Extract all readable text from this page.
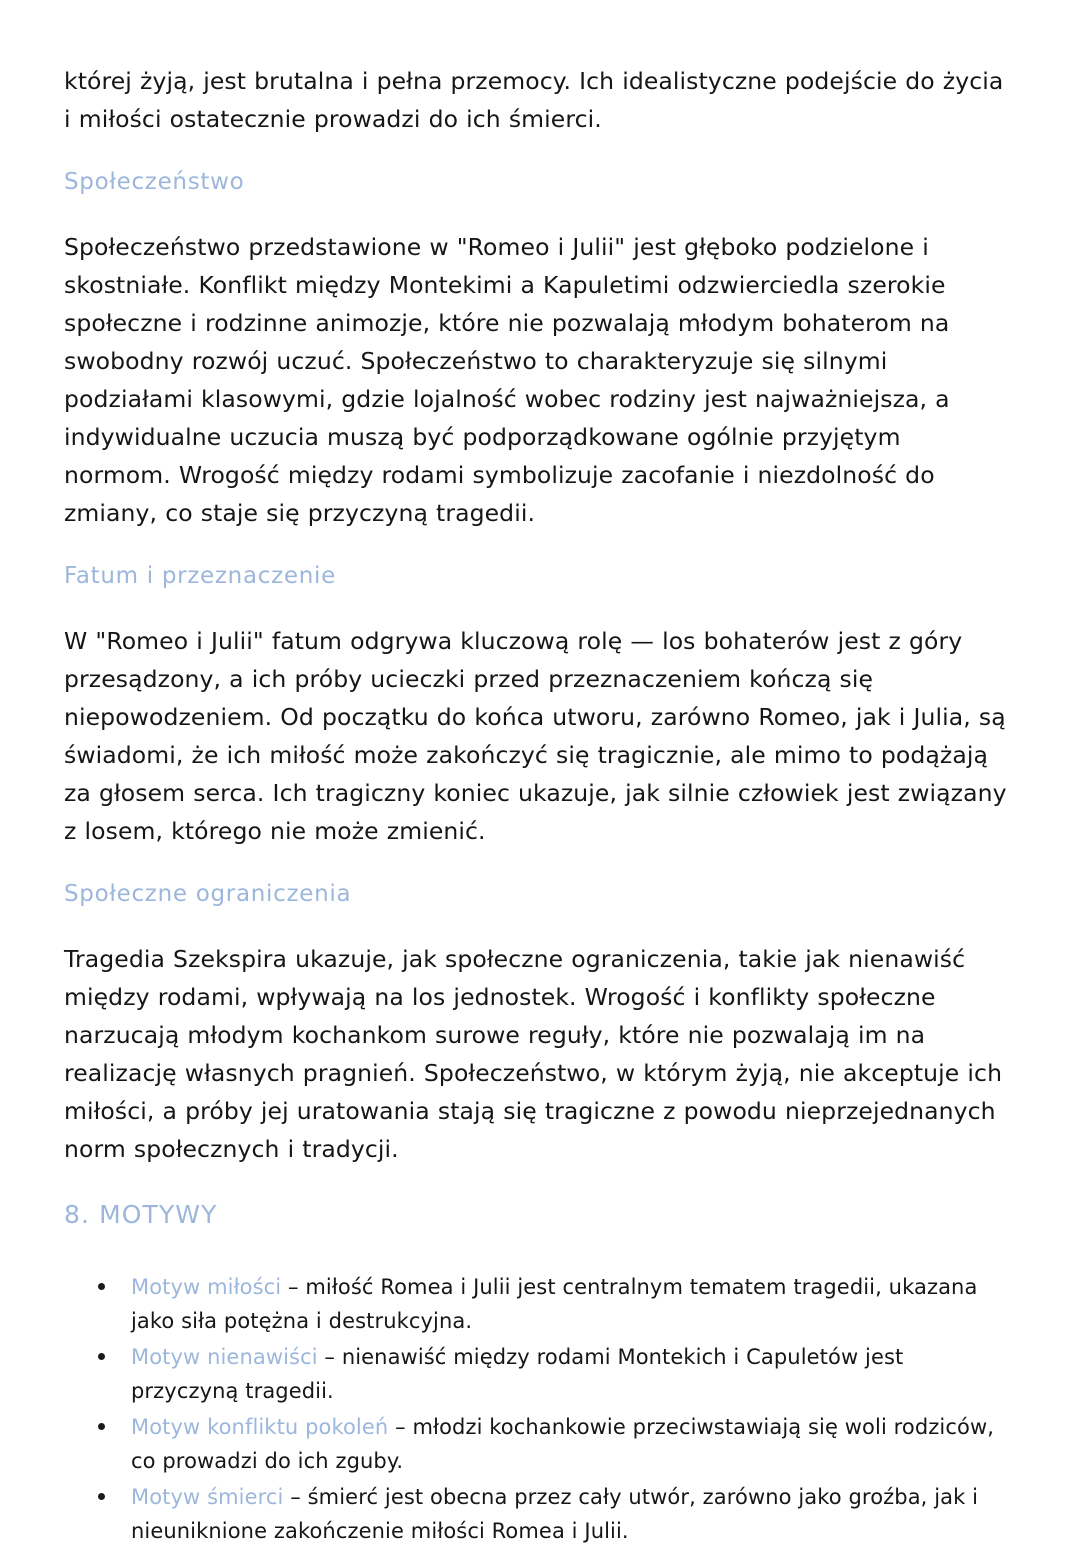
której żyją, jest brutalna i pełna przemocy. Ich idealistyczne podejście do życia i miłości ostatecznie prowadzi do ich śmierci.

Społeczeństwo

Społeczeństwo przedstawione w "Romeo i Julii" jest głęboko podzielone i skostniałe. Konflikt między Montekimi a Kapuletimi odzwierciedla szerokie społeczne i rodzinne animozje, które nie pozwalają młodym bohaterom na swobodny rozwój uczuć. Społeczeństwo to charakteryzuje się silnymi podziałami klasowymi, gdzie lojalność wobec rodziny jest najważniejsza, a indywidualne uczucia muszą być podporządkowane ogólnie przyjętym normom. Wrogość między rodami symbolizuje zacofanie i niezdolność do zmiany, co staje się przyczyną tragedii.

Fatum i przeznaczenie

W "Romeo i Julii" fatum odgrywa kluczową rolę — los bohaterów jest z góry przesądzony, a ich próby ucieczki przed przeznaczeniem kończą się niepowodzeniem. Od początku do końca utworu, zarówno Romeo, jak i Julia, są świadomi, że ich miłość może zakończyć się tragicznie, ale mimo to podążają za głosem serca. Ich tragiczny koniec ukazuje, jak silnie człowiek jest związany z losem, którego nie może zmienić.

Społeczne ograniczenia

Tragedia Szekspira ukazuje, jak społeczne ograniczenia, takie jak nienawiść między rodami, wpływają na los jednostek. Wrogość i konflikty społeczne narzucają młodym kochankom surowe reguły, które nie pozwalają im na realizację własnych pragnień. Społeczeństwo, w którym żyją, nie akceptuje ich miłości, a próby jej uratowania stają się tragiczne z powodu nieprzejednanych norm społecznych i tradycji.

8. MOTYWY
Motyw miłości – miłość Romea i Julii jest centralnym tematem tragedii, ukazana jako siła potężna i destrukcyjna.
Motyw nienawiści – nienawiść między rodami Montekich i Capuletów jest przyczyną tragedii.
Motyw konfliktu pokoleń – młodzi kochankowie przeciwstawiają się woli rodziców, co prowadzi do ich zguby.
Motyw śmierci – śmierć jest obecna przez cały utwór, zarówno jako groźba, jak i nieuniknione zakończenie miłości Romea i Julii.
